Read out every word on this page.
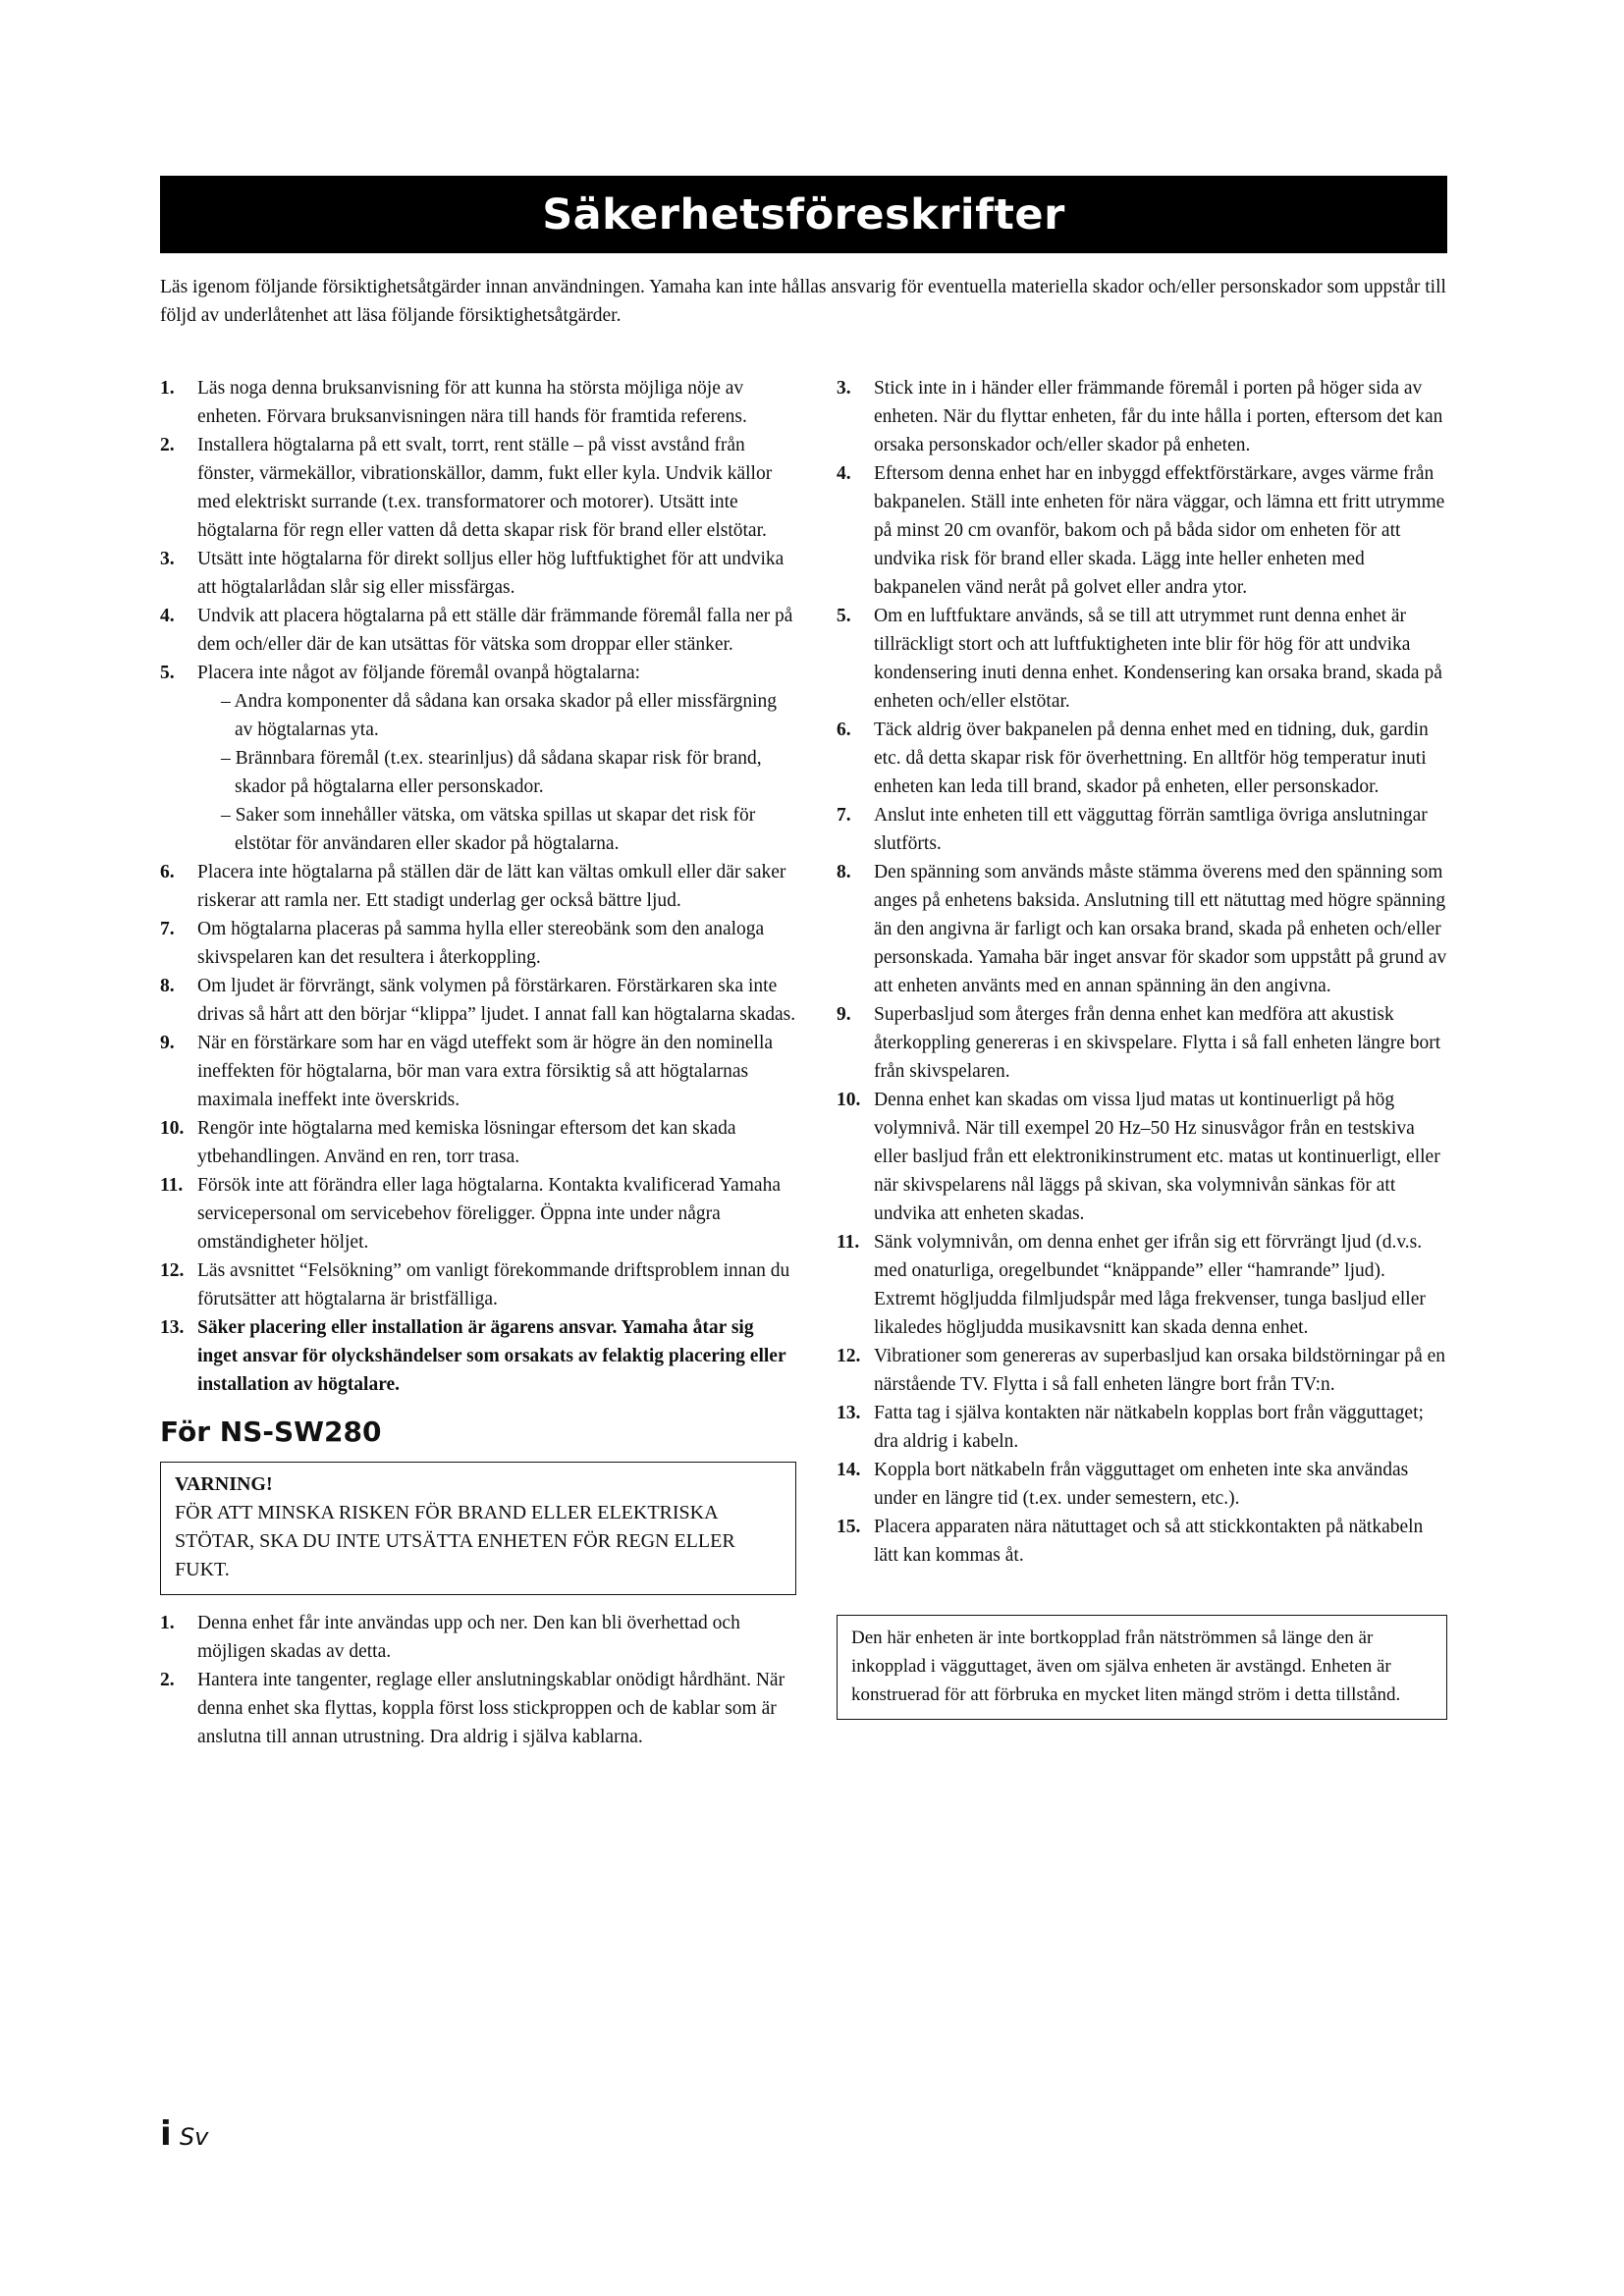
Säkerhetsföreskrifter

Läs igenom följande försiktighetsåtgärder innan användningen. Yamaha kan inte hållas ansvarig för eventuella materiella skador och/eller personskador som uppstår till följd av underlåtenhet att läsa följande försiktighetsåtgärder.

1. Läs noga denna bruksanvisning för att kunna ha största möjliga nöje av enheten. Förvara bruksanvisningen nära till hands för framtida referens.
2. Installera högtalarna på ett svalt, torrt, rent ställe – på visst avstånd från fönster, värmekällor, vibrationskällor, damm, fukt eller kyla. Undvik källor med elektriskt surrande (t.ex. transformatorer och motorer). Utsätt inte högtalarna för regn eller vatten då detta skapar risk för brand eller elstötar.
3. Utsätt inte högtalarna för direkt solljus eller hög luftfuktighet för att undvika att högtalarlådan slår sig eller missfärgas.
4. Undvik att placera högtalarna på ett ställe där främmande föremål falla ner på dem och/eller där de kan utsättas för vätska som droppar eller stänker.
5. Placera inte något av följande föremål ovanpå högtalarna:
– Andra komponenter då sådana kan orsaka skador på eller missfärgning av högtalarnas yta.
– Brännbara föremål (t.ex. stearinljus) då sådana skapar risk för brand, skador på högtalarna eller personskador.
– Saker som innehåller vätska, om vätska spillas ut skapar det risk för elstötar för användaren eller skador på högtalarna.
6. Placera inte högtalarna på ställen där de lätt kan vältas omkull eller där saker riskerar att ramla ner. Ett stadigt underlag ger också bättre ljud.
7. Om högtalarna placeras på samma hylla eller stereobänk som den analoga skivspelaren kan det resultera i återkoppling.
8. Om ljudet är förvrängt, sänk volymen på förstärkaren. Förstärkaren ska inte drivas så hårt att den börjar “klippa” ljudet. I annat fall kan högtalarna skadas.
9. När en förstärkare som har en vägd uteffekt som är högre än den nominella ineffekten för högtalarna, bör man vara extra försiktig så att högtalarnas maximala ineffekt inte överskrids.
10. Rengör inte högtalarna med kemiska lösningar eftersom det kan skada ytbehandlingen. Använd en ren, torr trasa.
11. Försök inte att förändra eller laga högtalarna. Kontakta kvalificerad Yamaha servicepersonal om servicebehov föreligger. Öppna inte under några omständigheter höljet.
12. Läs avsnittet “Felsökning” om vanligt förekommande driftsproblem innan du förutsätter att högtalarna är bristfälliga.
13. Säker placering eller installation är ägarens ansvar. Yamaha åtar sig inget ansvar för olyckshändelser som orsakats av felaktig placering eller installation av högtalare.
För NS-SW280
VARNING!
FÖR ATT MINSKA RISKEN FÖR BRAND ELLER ELEKTRISKA STÖTAR, SKA DU INTE UTSÄTTA ENHETEN FÖR REGN ELLER FUKT.
1. Denna enhet får inte användas upp och ner. Den kan bli överhettad och möjligen skadas av detta.
2. Hantera inte tangenter, reglage eller anslutningskablar onödigt hårdhänt. När denna enhet ska flyttas, koppla först loss stickproppen och de kablar som är anslutna till annan utrustning. Dra aldrig i själva kablarna.
3. Stick inte in i händer eller främmande föremål i porten på höger sida av enheten. När du flyttar enheten, får du inte hålla i porten, eftersom det kan orsaka personskador och/eller skador på enheten.
4. Eftersom denna enhet har en inbyggd effektförstärkare, avges värme från bakpanelen. Ställ inte enheten för nära väggar, och lämna ett fritt utrymme på minst 20 cm ovanför, bakom och på båda sidor om enheten för att undvika risk för brand eller skada. Lägg inte heller enheten med bakpanelen vänd neråt på golvet eller andra ytor.
5. Om en luftfuktare används, så se till att utrymmet runt denna enhet är tillräckligt stort och att luftfuktigheten inte blir för hög för att undvika kondensering inuti denna enhet. Kondensering kan orsaka brand, skada på enheten och/eller elstötar.
6. Täck aldrig över bakpanelen på denna enhet med en tidning, duk, gardin etc. då detta skapar risk för överhettning. En alltför hög temperatur inuti enheten kan leda till brand, skador på enheten, eller personskador.
7. Anslut inte enheten till ett vägguttag förrän samtliga övriga anslutningar slutförts.
8. Den spänning som används måste stämma överens med den spänning som anges på enhetens baksida. Anslutning till ett nätuttag med högre spänning än den angivna är farligt och kan orsaka brand, skada på enheten och/eller personskada. Yamaha bär inget ansvar för skador som uppstått på grund av att enheten använts med en annan spänning än den angivna.
9. Superbasljud som återges från denna enhet kan medföra att akustisk återkoppling genereras i en skivspelare. Flytta i så fall enheten längre bort från skivspelaren.
10. Denna enhet kan skadas om vissa ljud matas ut kontinuerligt på hög volymnivå. När till exempel 20 Hz–50 Hz sinusvågor från en testskiva eller basljud från ett elektronikinstrument etc. matas ut kontinuerligt, eller när skivspelarens nål läggs på skivan, ska volymnivån sänkas för att undvika att enheten skadas.
11. Sänk volymnivån, om denna enhet ger ifrån sig ett förvrängt ljud (d.v.s. med onaturliga, oregelbundet “knäppande” eller “hamrande” ljud). Extremt högljudda filmljudspår med låga frekvenser, tunga basljud eller likaledes högljudda musikavsnitt kan skada denna enhet.
12. Vibrationer som genereras av superbasljud kan orsaka bildstörningar på en närstående TV. Flytta i så fall enheten längre bort från TV:n.
13. Fatta tag i själva kontakten när nätkabeln kopplas bort från vägguttaget; dra aldrig i kabeln.
14. Koppla bort nätkabeln från vägguttaget om enheten inte ska användas under en längre tid (t.ex. under semestern, etc.).
15. Placera apparaten nära nätuttaget och så att stickkontakten på nätkabeln lätt kan kommas åt.
Den här enheten är inte bortkopplad från nätströmmen så länge den är inkopplad i vägguttaget, även om själva enheten är avstängd. Enheten är konstruerad för att förbruka en mycket liten mängd ström i detta tillstånd.
i Sv
